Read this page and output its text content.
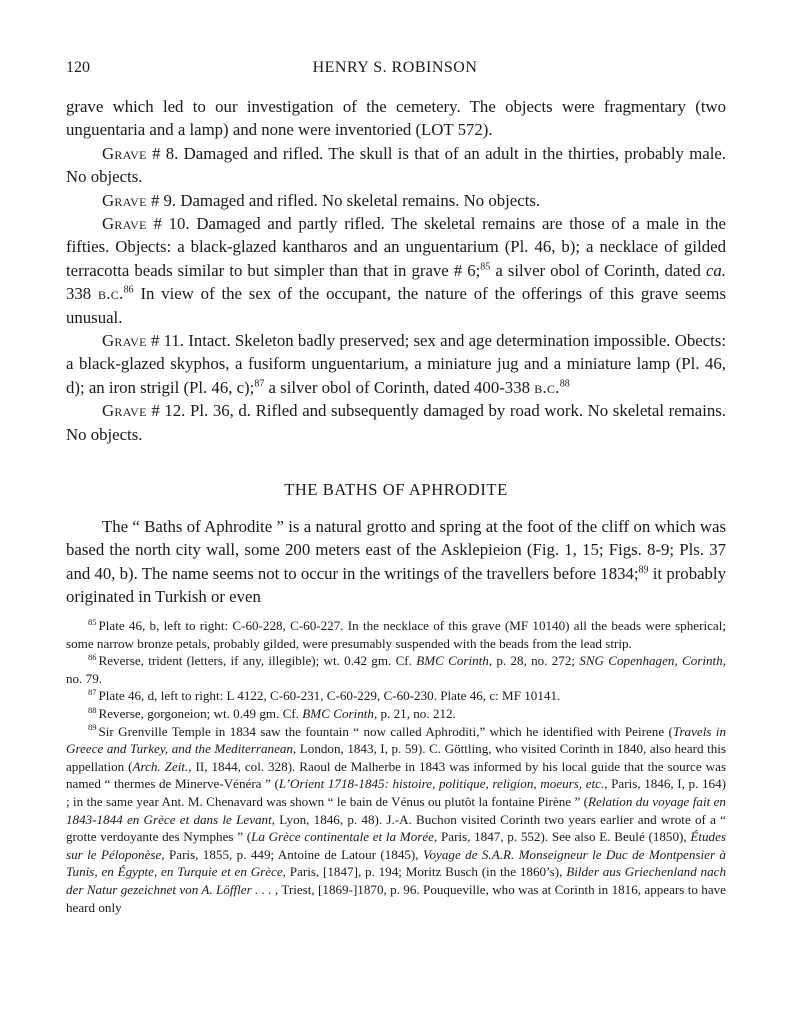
120	HENRY S. ROBINSON

grave which led to our investigation of the cemetery. The objects were fragmentary (two unguentaria and a lamp) and none were inventoried (LOT 572).

Grave # 8. Damaged and rifled. The skull is that of an adult in the thirties, probably male. No objects.

Grave # 9. Damaged and rifled. No skeletal remains. No objects.

Grave # 10. Damaged and partly rifled. The skeletal remains are those of a male in the fifties. Objects: a black-glazed kantharos and an unguentarium (Pl. 46, b); a necklace of gilded terracotta beads similar to but simpler than that in grave # 6;$^{85}$ a silver obol of Corinth, dated ca. 338 b.c.$^{86}$ In view of the sex of the occupant, the nature of the offerings of this grave seems unusual.

Grave # 11. Intact. Skeleton badly preserved; sex and age determination impossible. Obects: a black-glazed skyphos, a fusiform unguentarium, a miniature jug and a miniature lamp (Pl. 46, d); an iron strigil (Pl. 46, c);$^{87}$ a silver obol of Corinth, dated 400-338 b.c.$^{88}$

Grave # 12. Pl. 36, d. Rifled and subsequently damaged by road work. No skeletal remains. No objects.

THE BATHS OF APHRODITE

The “ Baths of Aphrodite ” is a natural grotto and spring at the foot of the cliff on which was based the north city wall, some 200 meters east of the Asklepieion (Fig. 1, 15; Figs. 8-9; Pls. 37 and 40, b). The name seems not to occur in the writings of the travellers before 1834;$^{89}$ it probably originated in Turkish or even

$^{85}$ Plate 46, b, left to right: C-60-228, C-60-227. In the necklace of this grave (MF 10140) all the beads were spherical; some narrow bronze petals, probably gilded, were presumably suspended with the beads from the lead strip.

$^{86}$ Reverse, trident (letters, if any, illegible); wt. 0.42 gm. Cf. BMC Corinth, p. 28, no. 272; SNG Copenhagen, Corinth, no. 79.

$^{87}$ Plate 46, d, left to right: L 4122, C-60-231, C-60-229, C-60-230. Plate 46, c: MF 10141.

$^{88}$ Reverse, gorgoneion; wt. 0.49 gm. Cf. BMC Corinth, p. 21, no. 212.

$^{89}$ Sir Grenville Temple in 1834 saw the fountain “ now called Aphroditi,” which he identified with Peirene (Travels in Greece and Turkey, and the Mediterranean, London, 1843, I, p. 59). C. Göttling, who visited Corinth in 1840, also heard this appellation (Arch. Zeit., II, 1844, col. 328). Raoul de Malherbe in 1843 was informed by his local guide that the source was named “ thermes de Minerve-Vénéra ” (L’Orient 1718-1845: histoire, politique, religion, moeurs, etc., Paris, 1846, I, p. 164) ; in the same year Ant. M. Chenavard was shown “ le bain de Vénus ou plutôt la fontaine Pirène ” (Relation du voyage fait en 1843-1844 en Grèce et dans le Levant, Lyon, 1846, p. 48). J.-A. Buchon visited Corinth two years earlier and wrote of a “ grotte verdoyante des Nymphes ” (La Grèce continentale et la Morée, Paris, 1847, p. 552). See also E. Beulé (1850), Études sur le Péloponèse, Paris, 1855, p. 449; Antoine de Latour (1845), Voyage de S.A.R. Monseigneur le Duc de Montpensier à Tunis, en Égypte, en Turquie et en Grèce, Paris, [1847], p. 194; Moritz Busch (in the 1860’s), Bilder aus Griechenland nach der Natur gezeichnet von A. Löffler . . . , Triest, [1869-]1870, p. 96. Pouqueville, who was at Corinth in 1816, appears to have heard only
